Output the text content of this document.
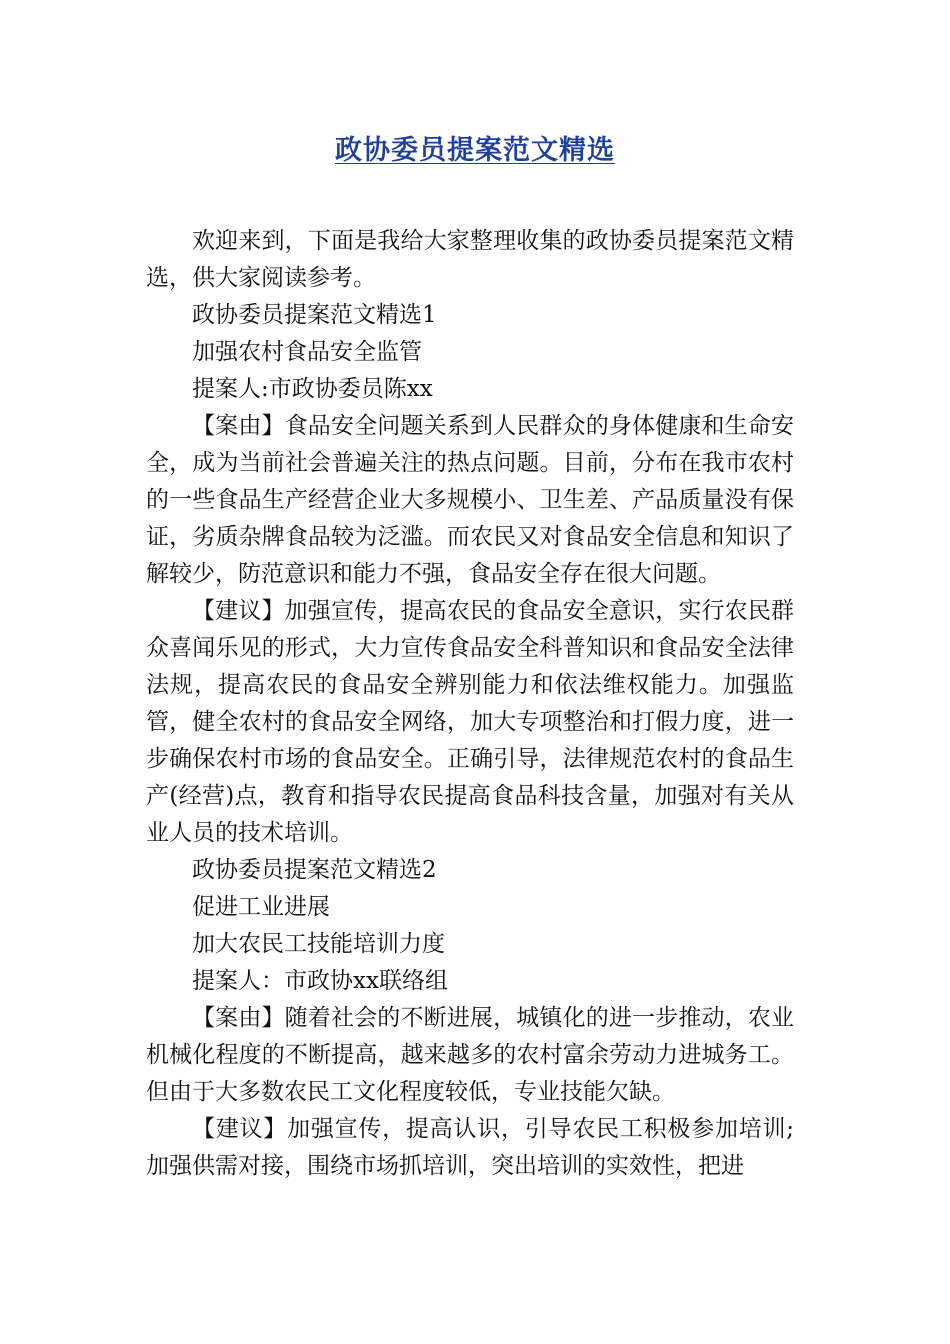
政协委员提案范文精选

欢迎来到，下面是我给大家整理收集的政协委员提案范文精选，供大家阅读参考。

政协委员提案范文精选1

加强农村食品安全监管

提案人:市政协委员陈xx

【案由】食品安全问题关系到人民群众的身体健康和生命安全，成为当前社会普遍关注的热点问题。目前，分布在我市农村的一些食品生产经营企业大多规模小、卫生差、产品质量没有保证，劣质杂牌食品较为泛滥。而农民又对食品安全信息和知识了解较少，防范意识和能力不强，食品安全存在很大问题。

【建议】加强宣传，提高农民的食品安全意识，实行农民群众喜闻乐见的形式，大力宣传食品安全科普知识和食品安全法律法规，提高农民的食品安全辨别能力和依法维权能力。加强监管，健全农村的食品安全网络，加大专项整治和打假力度，进一步确保农村市场的食品安全。正确引导，法律规范农村的食品生产(经营)点，教育和指导农民提高食品科技含量，加强对有关从业人员的技术培训。

政协委员提案范文精选2

促进工业进展

加大农民工技能培训力度

提案人：市政协xx联络组

【案由】随着社会的不断进展，城镇化的进一步推动，农业机械化程度的不断提高，越来越多的农村富余劳动力进城务工。但由于大多数农民工文化程度较低，专业技能欠缺。

【建议】加强宣传，提高认识，引导农民工积极参加培训;加强供需对接，围绕市场抓培训，突出培训的实效性，把进
